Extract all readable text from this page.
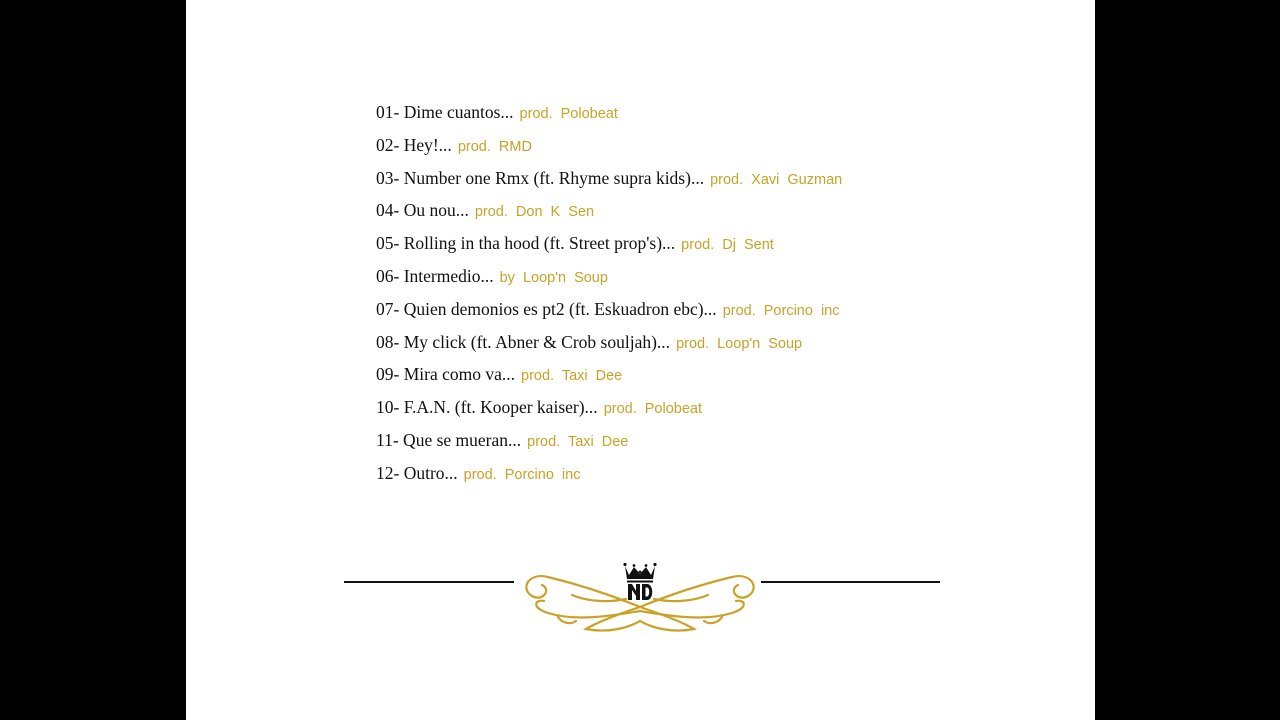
01- Dime cuantos... prod. Polobeat
02- Hey!... prod. RMD
03- Number one Rmx (ft. Rhyme supra kids)... prod. Xavi Guzman
04- Ou nou... prod. Don K Sen
05- Rolling in tha hood (ft. Street prop's)... prod. Dj Sent
06- Intermedio... by Loop'n Soup
07- Quien demonios es pt2 (ft. Eskuadron ebc)... prod. Porcino inc
08- My click (ft. Abner & Crob souljah)... prod. Loop'n Soup
09- Mira como va... prod. Taxi Dee
10- F.A.N. (ft. Kooper kaiser)... prod. Polobeat
11- Que se mueran... prod. Taxi Dee
12- Outro... prod. Porcino inc
